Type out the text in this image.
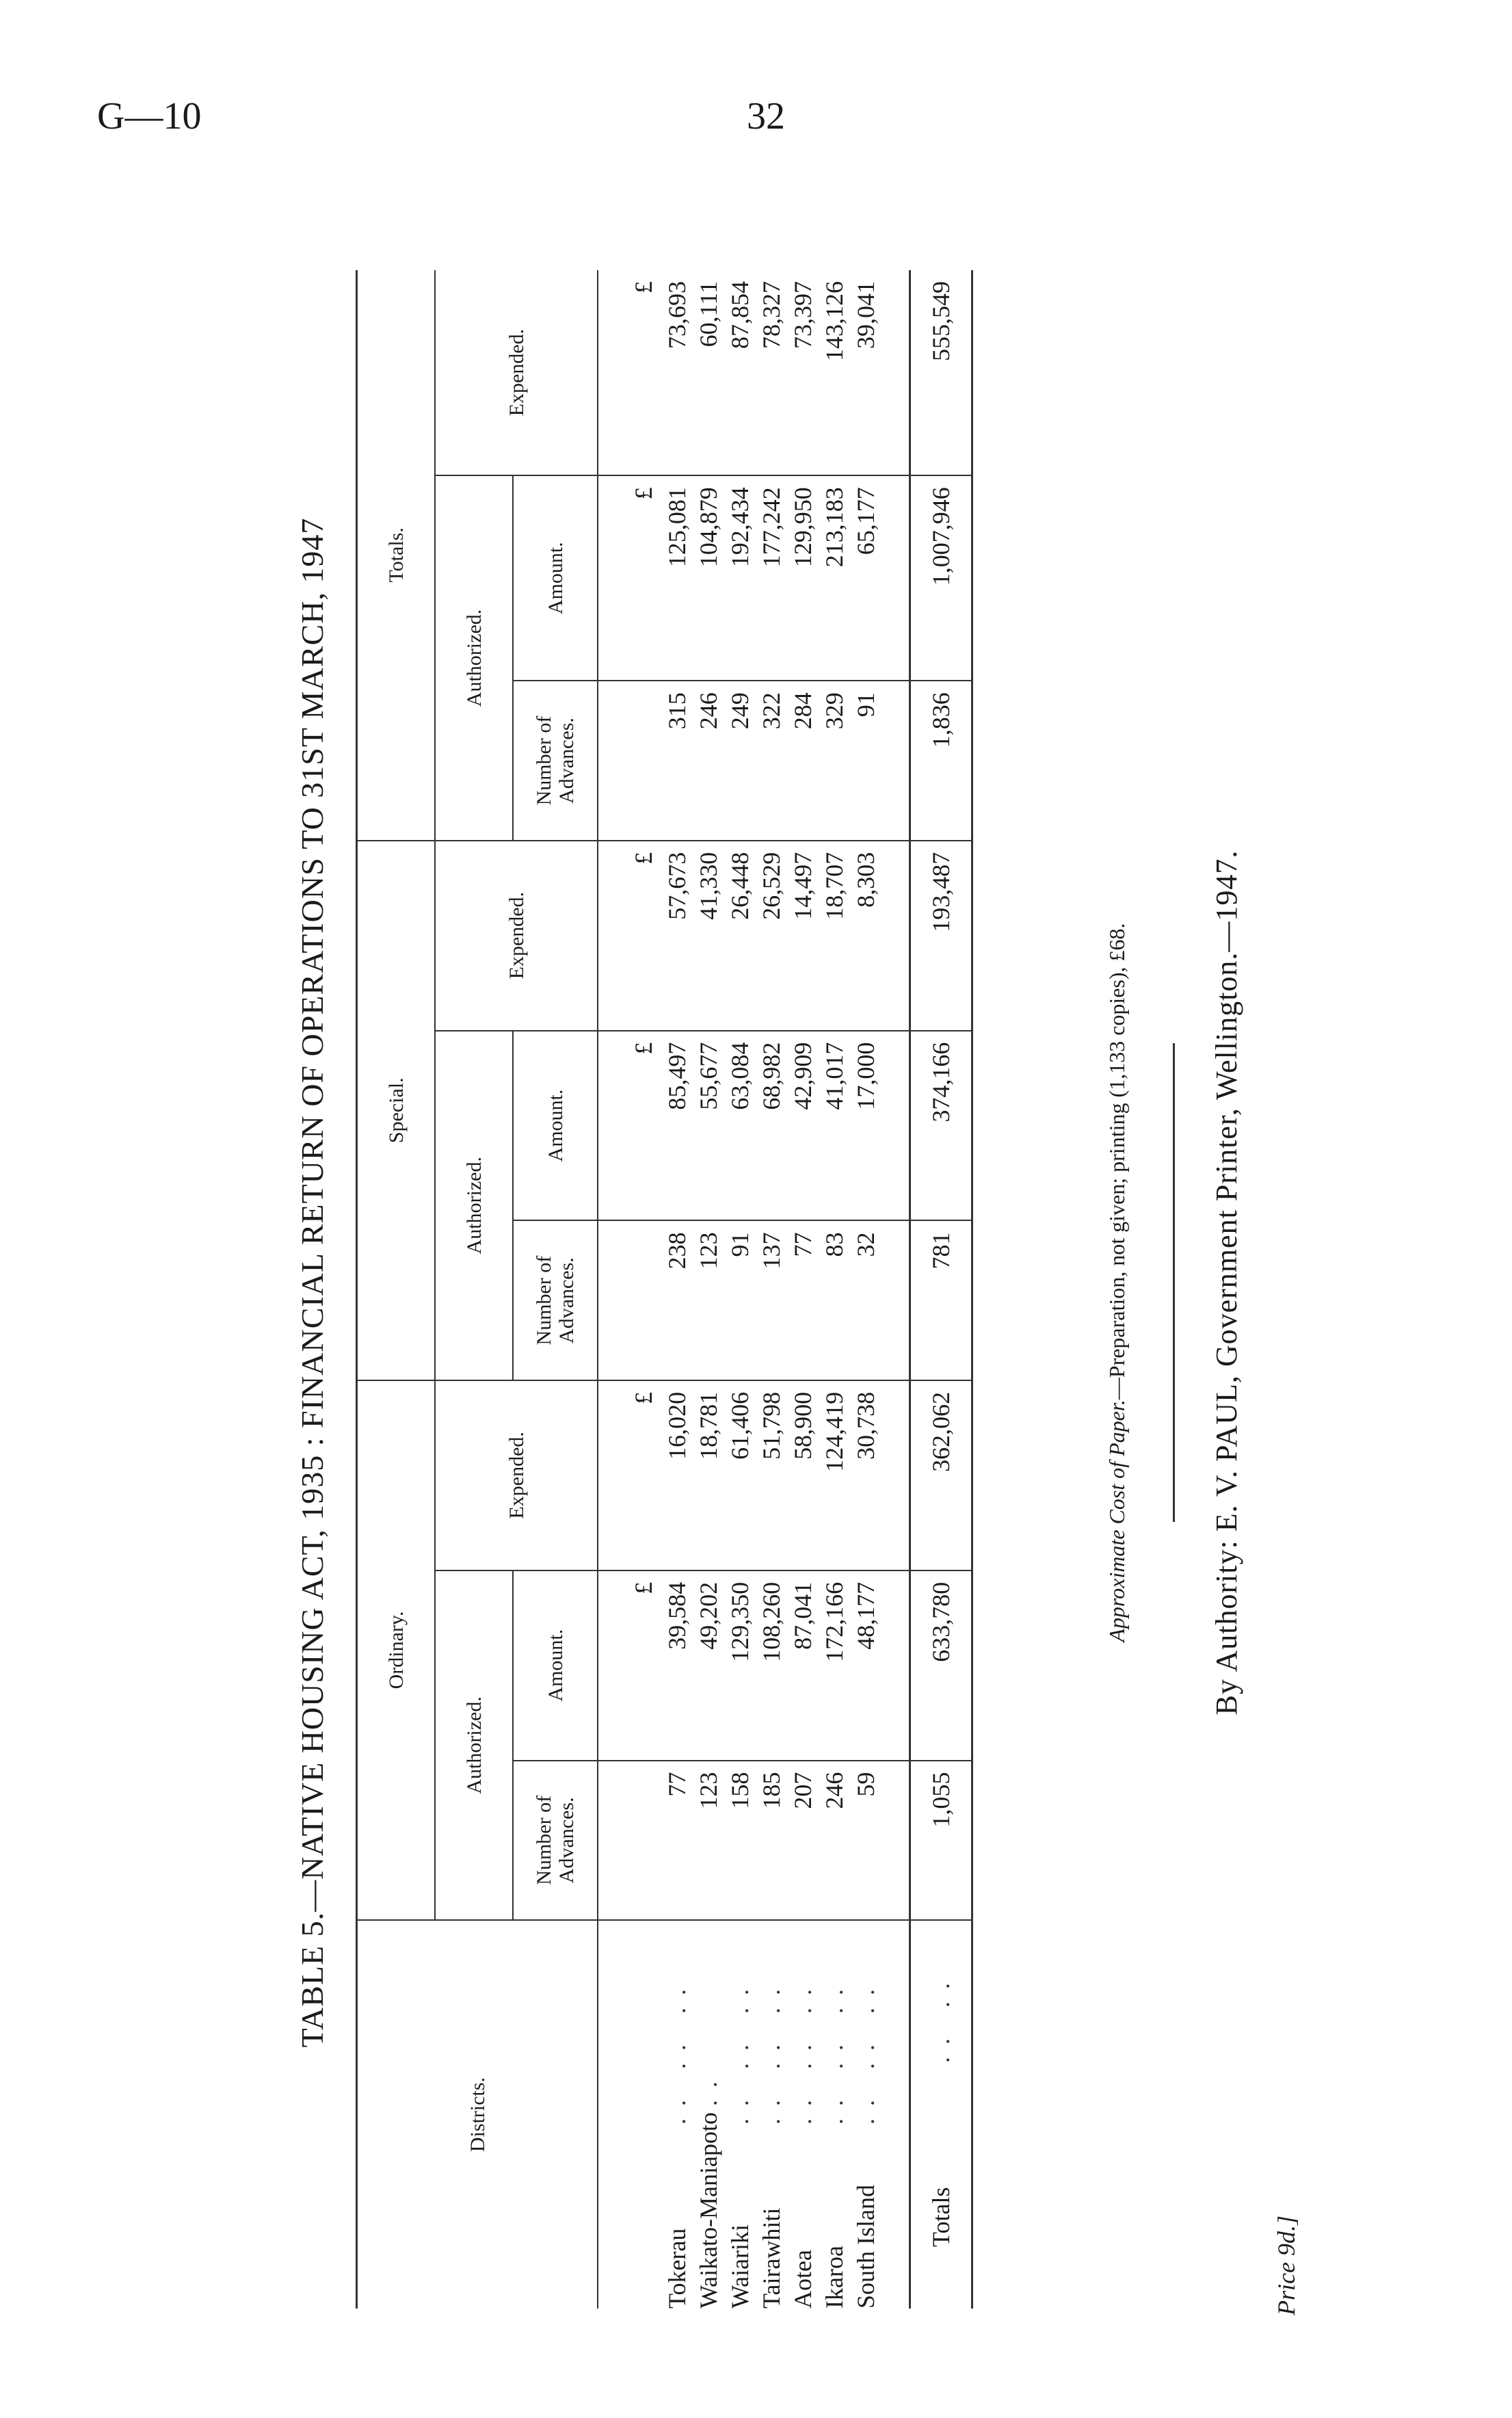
G—10	32
TABLE 5.—NATIVE HOUSING ACT, 1935 : FINANCIAL RETURN OF OPERATIONS TO 31ST MARCH, 1947
Districts.	Ordinary.			Special.			Totals.		
	Authorized.		Expended.	Authorized.		Expended.	Authorized.		Expended.
	Number of Advances.	Amount.		Number of Advances.	Amount.		Number of Advances.	Amount.	

		£	£		£	£		£	£
Tokerau .. .. ..	77	39,584	16,020	238	85,497	57,673	315	125,081	73,693
Waikato-Maniapoto ..	123	49,202	18,781	123	55,677	41,330	246	104,879	60,111
Waiariki .. .. ..	158	129,350	61,406	91	63,084	26,448	249	192,434	87,854
Tairawhiti .. .. ..	185	108,260	51,798	137	68,982	26,529	322	177,242	78,327
Aotea .. .. ..	207	87,041	58,900	77	42,909	14,497	284	129,950	73,397
Ikaroa .. .. ..	246	172,166	124,419	83	41,017	18,707	329	213,183	143,126
South Island .. .. ..	59	48,177	30,738	32	17,000	8,303	91	65,177	39,041

Totals .. ..	1,055	633,780	362,062	781	374,166	193,487	1,836	1,007,946	555,549
Approximate Cost of Paper.—Preparation, not given; printing (1,133 copies), £68.	By Authority: E. V. PAUL, Government Printer, Wellington.—1947.
Price 9d.]
